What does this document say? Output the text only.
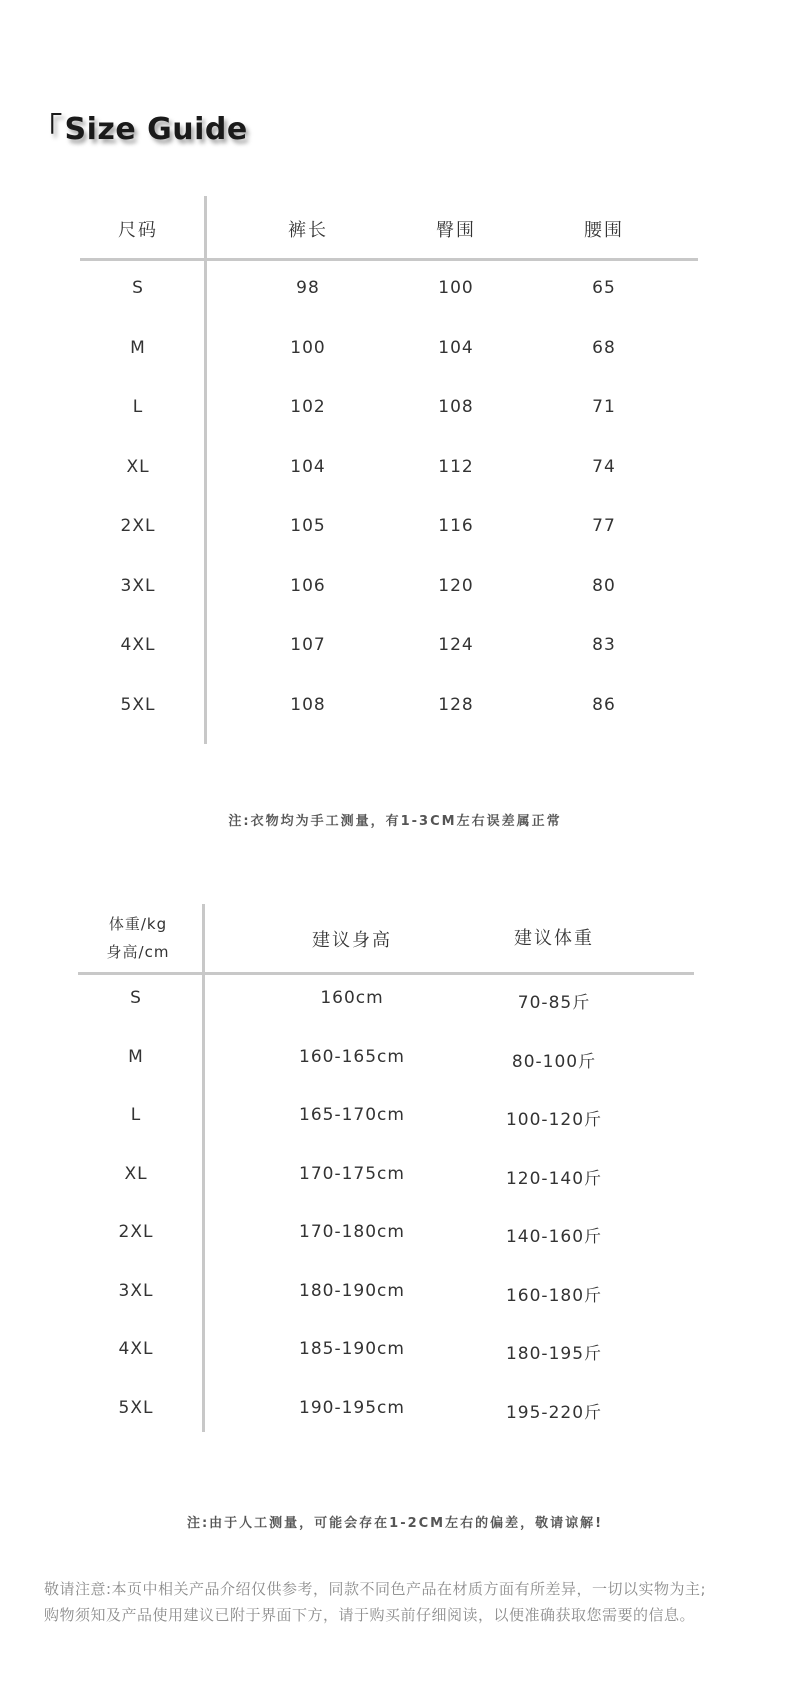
「Size Guide
尺码	裤长	臀围	腰围
S	98	100	65
M	100	104	68
L	102	108	71
XL	104	112	74
2XL	105	116	77
3XL	106	120	80
4XL	107	124	83
5XL	108	128	86
注:衣物均为手工测量，有1-3CM左右误差属正常
体重/kg
身高/cm
建议身高	建议体重
S	160cm	70-85斤
M	160-165cm	80-100斤
L	165-170cm	100-120斤
XL	170-175cm	120-140斤
2XL	170-180cm	140-160斤
3XL	180-190cm	160-180斤
4XL	185-190cm	180-195斤
5XL	190-195cm	195-220斤
注:由于人工测量，可能会存在1-2CM左右的偏差，敬请谅解!
敬请注意:本页中相关产品介绍仅供参考，同款不同色产品在材质方面有所差异，一切以实物为主;
购物须知及产品使用建议已附于界面下方，请于购买前仔细阅读，以便准确获取您需要的信息。
